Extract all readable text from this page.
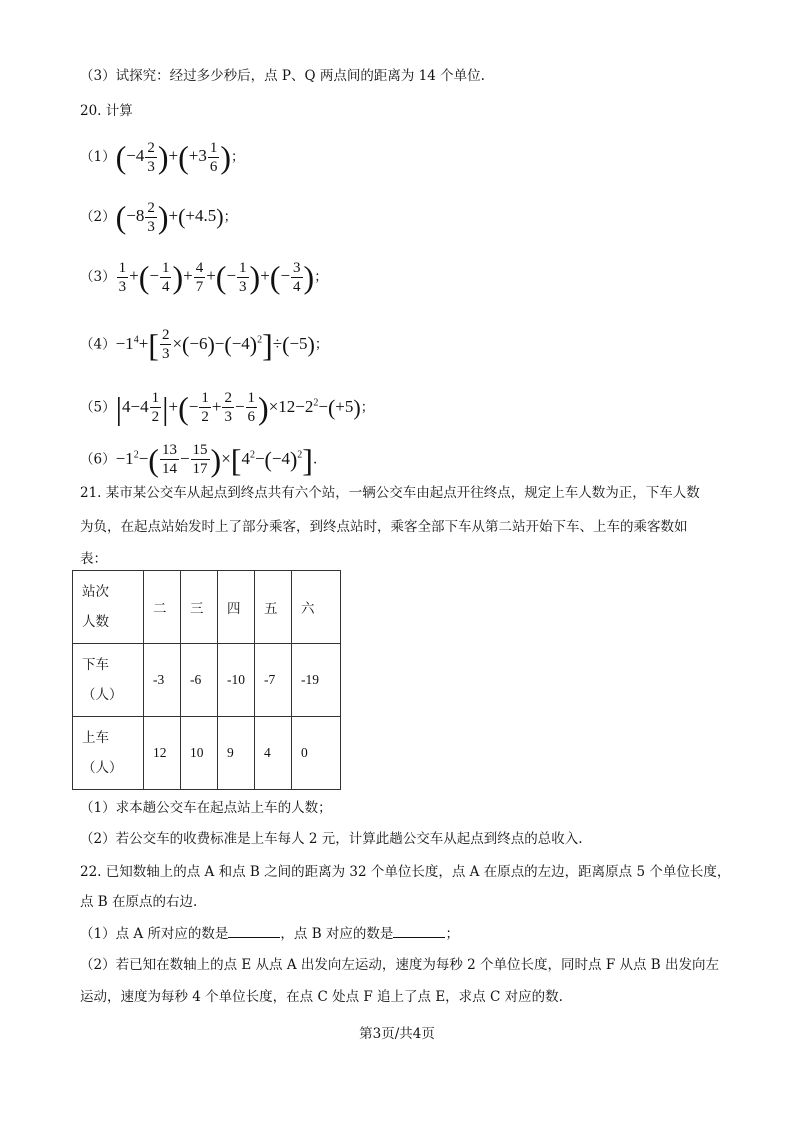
（3）试探究：经过多少秒后，点 P、Q 两点间的距离为 14 个单位.
20. 计算
$(1)(-4 \frac{2}{3} )+(+3 \frac{1}{6}$ )；
$(2)(-8 \frac{2}{3} )+(+4.5)$；
$(3) \frac{1}{3}$ +(− $\frac{1}{4}$ )+ $\frac{4}{7}$ +(− $\frac{1}{3}$ )+(− $\frac{3}{4}$ )；
$(4)-1^4+[ \frac{2}{3} \times(-6)-(-4)^2]\div(-5)$；
$(5)|4-4 \frac{1}{2}$ |+(− $\frac{1}{2} + \frac{2}{3} - \frac{1}{6} )\times 12-2^2-(+5)$；
$(6)-1^2-( \frac{13}{14} - \frac{15}{17} )\times[4^2-(-4)^2]$.
21. 某市某公交车从起点到终点共有六个站，一辆公交车由起点开往终点，规定上车人数为正，下车人数
为负，在起点站始发时上了部分乘客，到终点站时，乘客全部下车从第二站开始下车、上车的乘客数如
表：
站次
人数	二	三	四	五	六

下车
（人）	-3	-6	-10	-7	-19

上车
（人）	12	10	9	4	0
（1）求本趟公交车在起点站上车的人数；
（2）若公交车的收费标准是上车每人 2 元，计算此趟公交车从起点到终点的总收入.
22. 已知数轴上的点 A 和点 B 之间的距离为 32 个单位长度，点 A 在原点的左边，距离原点 5 个单位长度，
点 B 在原点的右边.
（1）点 A 所对应的数是	，点 B 对应的数是	；
（2）若已知在数轴上的点 E 从点 A 出发向左运动，速度为每秒 2 个单位长度，同时点 F 从点 B 出发向左
运动，速度为每秒 4 个单位长度，在点 C 处点 F 追上了点 E，求点 C 对应的数.
第3页/共4页
